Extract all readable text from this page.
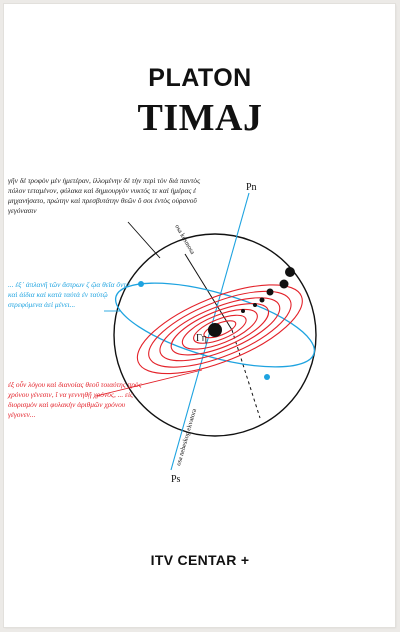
PLATON
TIMAJ
Γη
Pn
Ps
osa kosmosa
osa nebeskog ekvatora
γῆν δὲ τροφὸν μὲν ἡμετέραν, ἰλλομένην δὲ τὴν περὶ τὸν διὰ παντὸς πόλον τεταμένον, φύλακα καὶ δημιουργὸν νυκτός τε καὶ ἡμέρας ἐ μηχανήσατο, πρώτην καὶ πρεσβυτάτην θεῶν ὅ σοι ἐντὸς οὐρανοῦ γεγόνασιν
... ἐξ᾽ ἁπλανῆ τῶν ἄστρων ζ ῷα θεῖα ὄντα καὶ ἀίδια καὶ κατὰ ταὐτὰ ἐν ταὐτῷ στρεφόμενα ἀεὶ μένει...
ἐξ οὖν λόγου καὶ διανοίας θεοῦ τοιαύτης πρὸς χρόνου γένεσιν, ἵ να γεννηθῇ χρόνος, ... εἰς διορισμὸν καὶ φυλακὴν ἀριθμῶν χρόνου γέγονεν...
ITV CENTAR +
